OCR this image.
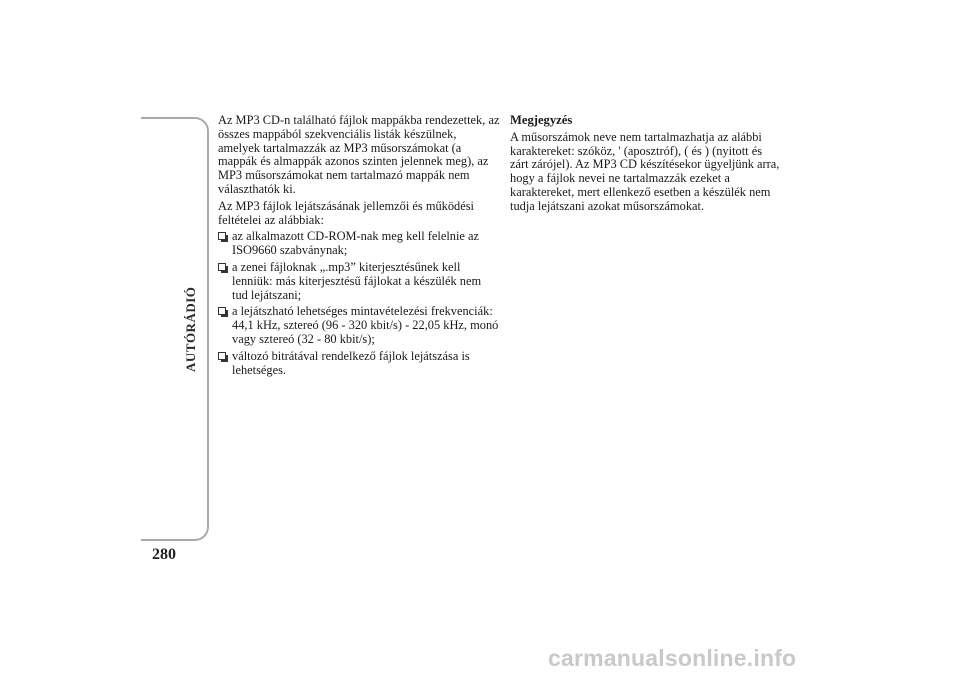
AUTÓRÁDIÓ
280

Az MP3 CD-n található fájlok mappákba rendezettek, az összes mappából szekvenciális listák készülnek, amelyek tartalmazzák az MP3 műsorszámokat (a mappák és almappák azonos szinten jelennek meg), az MP3 műsorszámokat nem tartalmazó mappák nem választhatók ki.

Az MP3 fájlok lejátszásának jellemzői és működési feltételei az alábbiak:

az alkalmazott CD-ROM-nak meg kell felelnie az ISO9660 szabványnak;
a zenei fájloknak „.mp3” kiterjesztésűnek kell lenniük: más kiterjesztésű fájlokat a készülék nem tud lejátszani;
a lejátszható lehetséges mintavételezési frekvenciák: 44,1 kHz, sztereó (96 - 320 kbit/s) - 22,05 kHz, monó vagy sztereó (32 - 80 kbit/s);
változó bitrátával rendelkező fájlok lejátszása is lehetséges.
Megjegyzés

A műsorszámok neve nem tartalmazhatja az alábbi karaktereket: szóköz, ' (aposztróf), ( és ) (nyitott és zárt zárójel). Az MP3 CD készítésekor ügyeljünk arra, hogy a fájlok nevei ne tartalmazzák ezeket a karaktereket, mert ellenkező esetben a készülék nem tudja lejátszani azokat műsorszámokat.

carmanualsonline.info
